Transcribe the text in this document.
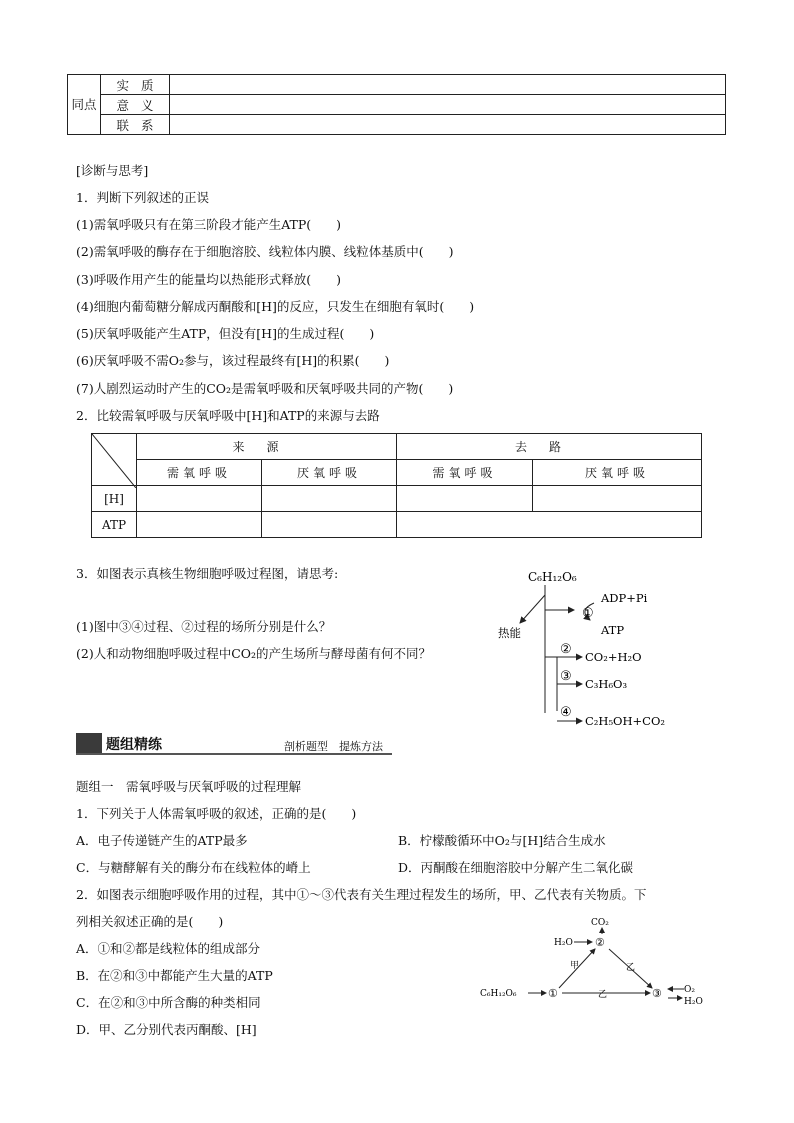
同点	实质	
	意义	
	联系	
[诊断与思考]
1．判断下列叙述的正误
(1)需氧呼吸只有在第三阶段才能产生ATP(　　)
(2)需氧呼吸的酶存在于细胞溶胶、线粒体内膜、线粒体基质中(　　)
(3)呼吸作用产生的能量均以热能形式释放(　　)
(4)细胞内葡萄糖分解成丙酮酸和[H]的反应，只发生在细胞有氧时(　　)
(5)厌氧呼吸能产生ATP，但没有[H]的生成过程(　　)
(6)厌氧呼吸不需O₂参与，该过程最终有[H]的积累(　　)
(7)人剧烈运动时产生的CO₂是需氧呼吸和厌氧呼吸共同的产物(　　)
2．比较需氧呼吸与厌氧呼吸中[H]和ATP的来源与去路
	来源		去路	
	需氧呼吸	厌氧呼吸	需氧呼吸	厌氧呼吸
[H]				
ATP				
3．如图表示真核生物细胞呼吸过程图，请思考:
(1)图中③④过程、②过程的场所分别是什么？
(2)人和动物细胞呼吸过程中CO₂的产生场所与酵母菌有何不同？
C₆H₁₂O₆
热能
ADP+Pi
①
ATP
② CO₂+H₂O
③ C₃H₆O₃
④
C₂H₅OH+CO₂
题组精练	剖析题型　提炼方法
题组一　需氧呼吸与厌氧呼吸的过程理解
1．下列关于人体需氧呼吸的叙述，正确的是(　　)
A．电子传递链产生的ATP最多	B．柠檬酸循环中O₂与[H]结合生成水
C．与糖酵解有关的酶分布在线粒体的嵴上	D．丙酮酸在细胞溶胶中分解产生二氧化碳
2．如图表示细胞呼吸作用的过程，其中①～③代表有关生理过程发生的场所，甲、乙代表有关物质。下
列相关叙述正确的是(　　)
A．①和②都是线粒体的组成部分
B．在②和③中都能产生大量的ATP
C．在②和③中所含酶的种类相同
D．甲、乙分别代表丙酮酸、[H]
CO₂
H₂O ②
甲	乙
C₆H₁₂O₆	①	乙	③ O₂
H₂O
